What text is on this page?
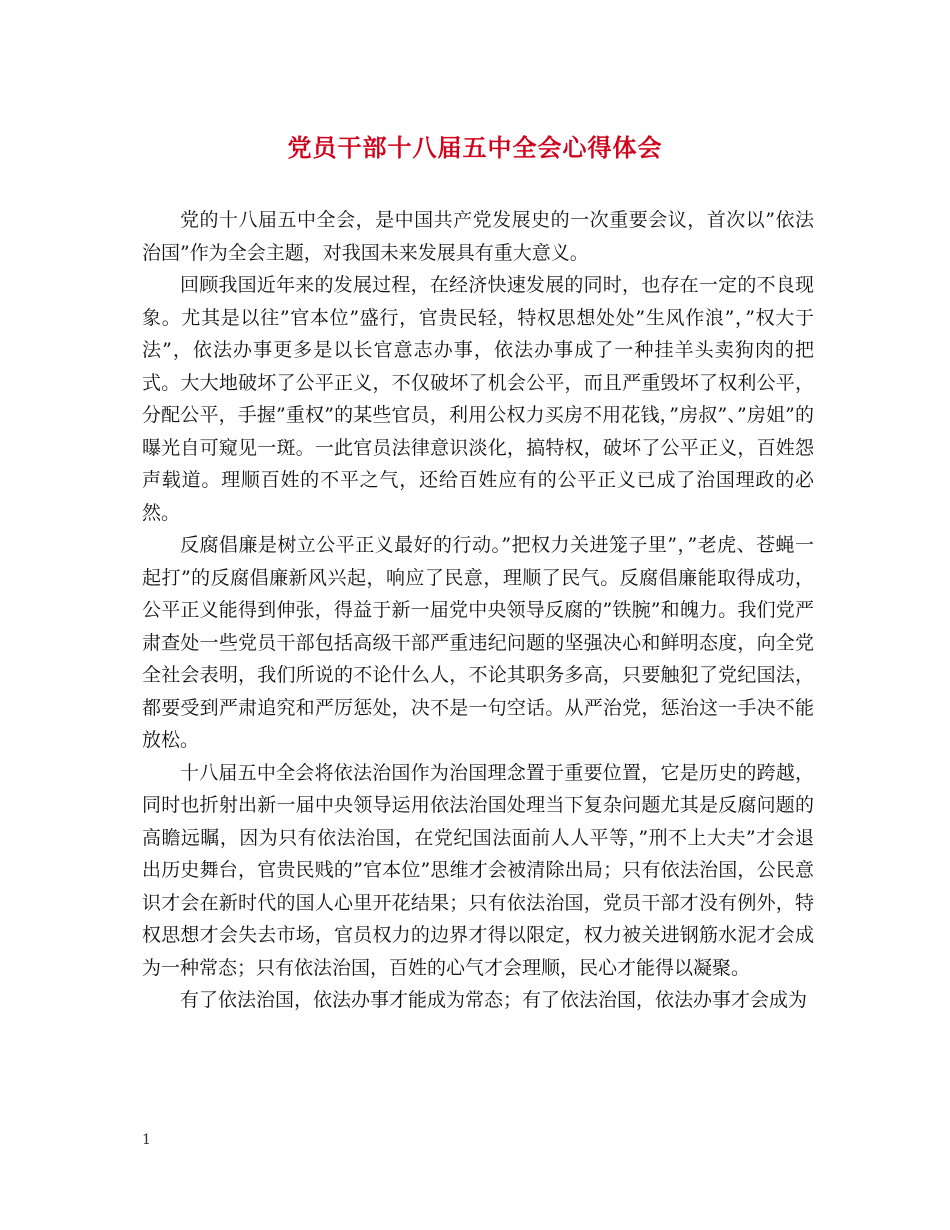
党员干部十八届五中全会心得体会

党的十八届五中全会，是中国共产党发展史的一次重要会议，首次以”依法治国”作为全会主题，对我国未来发展具有重大意义。

回顾我国近年来的发展过程，在经济快速发展的同时，也存在一定的不良现象。尤其是以往”官本位”盛行，官贵民轻，特权思想处处”生风作浪”，”权大于法”，依法办事更多是以长官意志办事，依法办事成了一种挂羊头卖狗肉的把式。大大地破坏了公平正义，不仅破坏了机会公平，而且严重毁坏了权利公平，分配公平，手握”重权”的某些官员，利用公权力买房不用花钱，”房叔”、”房姐”的曝光自可窥见一斑。一此官员法律意识淡化，搞特权，破坏了公平正义，百姓怨声载道。理顺百姓的不平之气，还给百姓应有的公平正义已成了治国理政的必然。

反腐倡廉是树立公平正义最好的行动。”把权力关进笼子里”，”老虎、苍蝇一起打”的反腐倡廉新风兴起，响应了民意，理顺了民气。反腐倡廉能取得成功，公平正义能得到伸张，得益于新一届党中央领导反腐的”铁腕”和魄力。我们党严肃查处一些党员干部包括高级干部严重违纪问题的坚强决心和鲜明态度，向全党全社会表明，我们所说的不论什么人，不论其职务多高，只要触犯了党纪国法，都要受到严肃追究和严厉惩处，决不是一句空话。从严治党，惩治这一手决不能放松。

十八届五中全会将依法治国作为治国理念置于重要位置，它是历史的跨越，同时也折射出新一届中央领导运用依法治国处理当下复杂问题尤其是反腐问题的高瞻远瞩，因为只有依法治国，在党纪国法面前人人平等，”刑不上大夫”才会退出历史舞台，官贵民贱的”官本位”思维才会被清除出局；只有依法治国，公民意识才会在新时代的国人心里开花结果；只有依法治国，党员干部才没有例外，特权思想才会失去市场，官员权力的边界才得以限定，权力被关进钢筋水泥才会成为一种常态；只有依法治国，百姓的心气才会理顺，民心才能得以凝聚。

有了依法治国，依法办事才能成为常态；有了依法治国，依法办事才会成为

1
